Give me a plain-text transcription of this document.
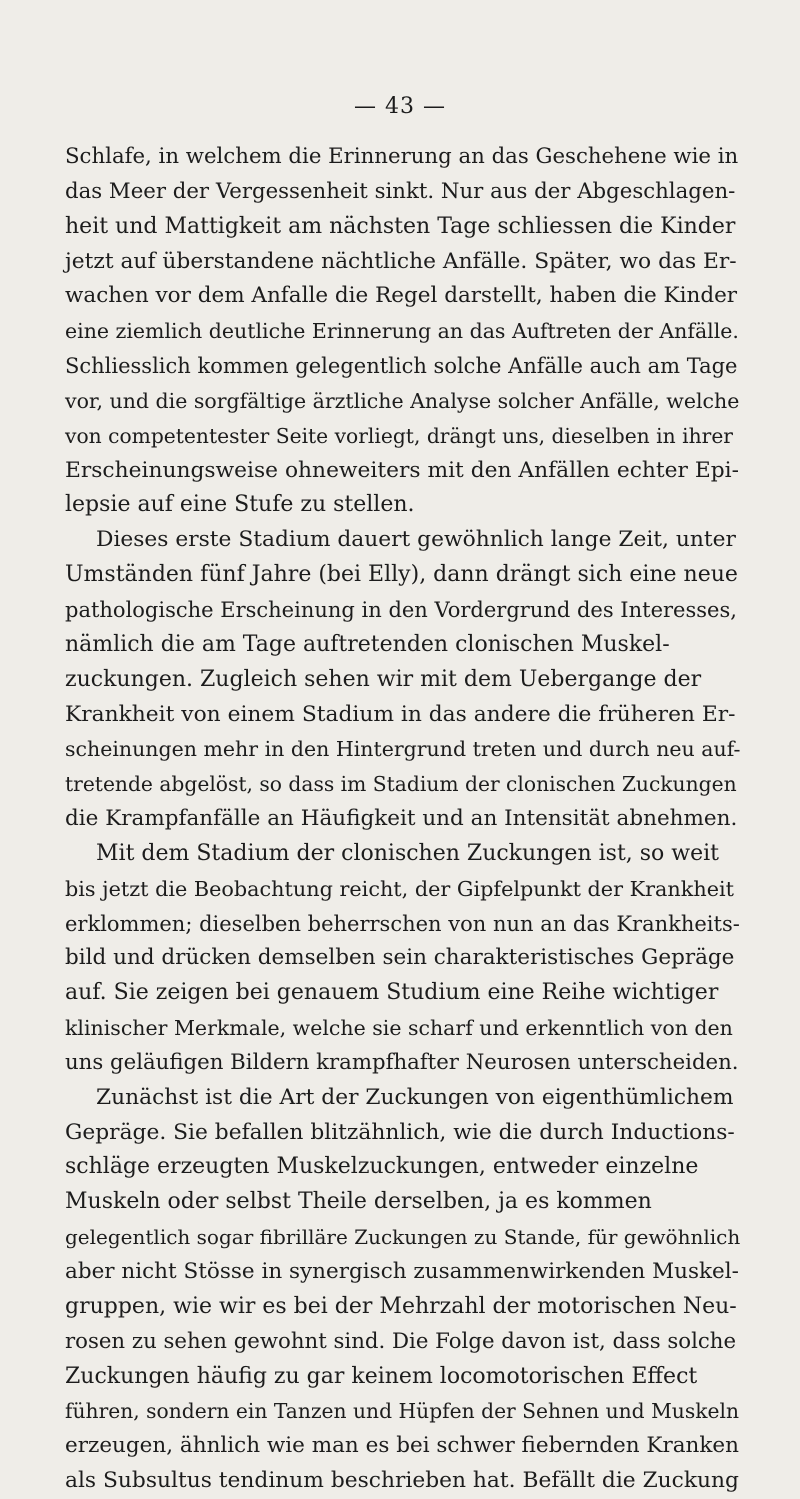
— 43 —
Schlafe, in welchem die Erinnerung an das Geschehene wie in
das Meer der Vergessenheit sinkt. Nur aus der Abgeschlagen-
heit und Mattigkeit am nächsten Tage schliessen die Kinder
jetzt auf überstandene nächtliche Anfälle. Später, wo das Er-
wachen vor dem Anfalle die Regel darstellt, haben die Kinder
eine ziemlich deutliche Erinnerung an das Auftreten der Anfälle.
Schliesslich kommen gelegentlich solche Anfälle auch am Tage
vor, und die sorgfältige ärztliche Analyse solcher Anfälle, welche
von competentester Seite vorliegt, drängt uns, dieselben in ihrer
Erscheinungsweise ohneweiters mit den Anfällen echter Epi-
lepsie auf eine Stufe zu stellen.
Dieses erste Stadium dauert gewöhnlich lange Zeit, unter
Umständen fünf Jahre (bei Elly), dann drängt sich eine neue
pathologische Erscheinung in den Vordergrund des Interesses,
nämlich die am Tage auftretenden clonischen Muskel-
zuckungen. Zugleich sehen wir mit dem Uebergange der
Krankheit von einem Stadium in das andere die früheren Er-
scheinungen mehr in den Hintergrund treten und durch neu auf-
tretende abgelöst, so dass im Stadium der clonischen Zuckungen
die Krampfanfälle an Häufigkeit und an Intensität abnehmen.
Mit dem Stadium der clonischen Zuckungen ist, so weit
bis jetzt die Beobachtung reicht, der Gipfelpunkt der Krankheit
erklommen; dieselben beherrschen von nun an das Krankheits-
bild und drücken demselben sein charakteristisches Gepräge
auf. Sie zeigen bei genauem Studium eine Reihe wichtiger
klinischer Merkmale, welche sie scharf und erkenntlich von den
uns geläufigen Bildern krampfhafter Neurosen unterscheiden.
Zunächst ist die Art der Zuckungen von eigenthümlichem
Gepräge. Sie befallen blitzähnlich, wie die durch Inductions-
schläge erzeugten Muskelzuckungen, entweder einzelne
Muskeln oder selbst Theile derselben, ja es kommen
gelegentlich sogar fibrilläre Zuckungen zu Stande, für gewöhnlich
aber nicht Stösse in synergisch zusammenwirkenden Muskel-
gruppen, wie wir es bei der Mehrzahl der motorischen Neu-
rosen zu sehen gewohnt sind. Die Folge davon ist, dass solche
Zuckungen häufig zu gar keinem locomotorischen Effect
führen, sondern ein Tanzen und Hüpfen der Sehnen und Muskeln
erzeugen, ähnlich wie man es bei schwer fiebernden Kranken
als Subsultus tendinum beschrieben hat. Befällt die Zuckung
